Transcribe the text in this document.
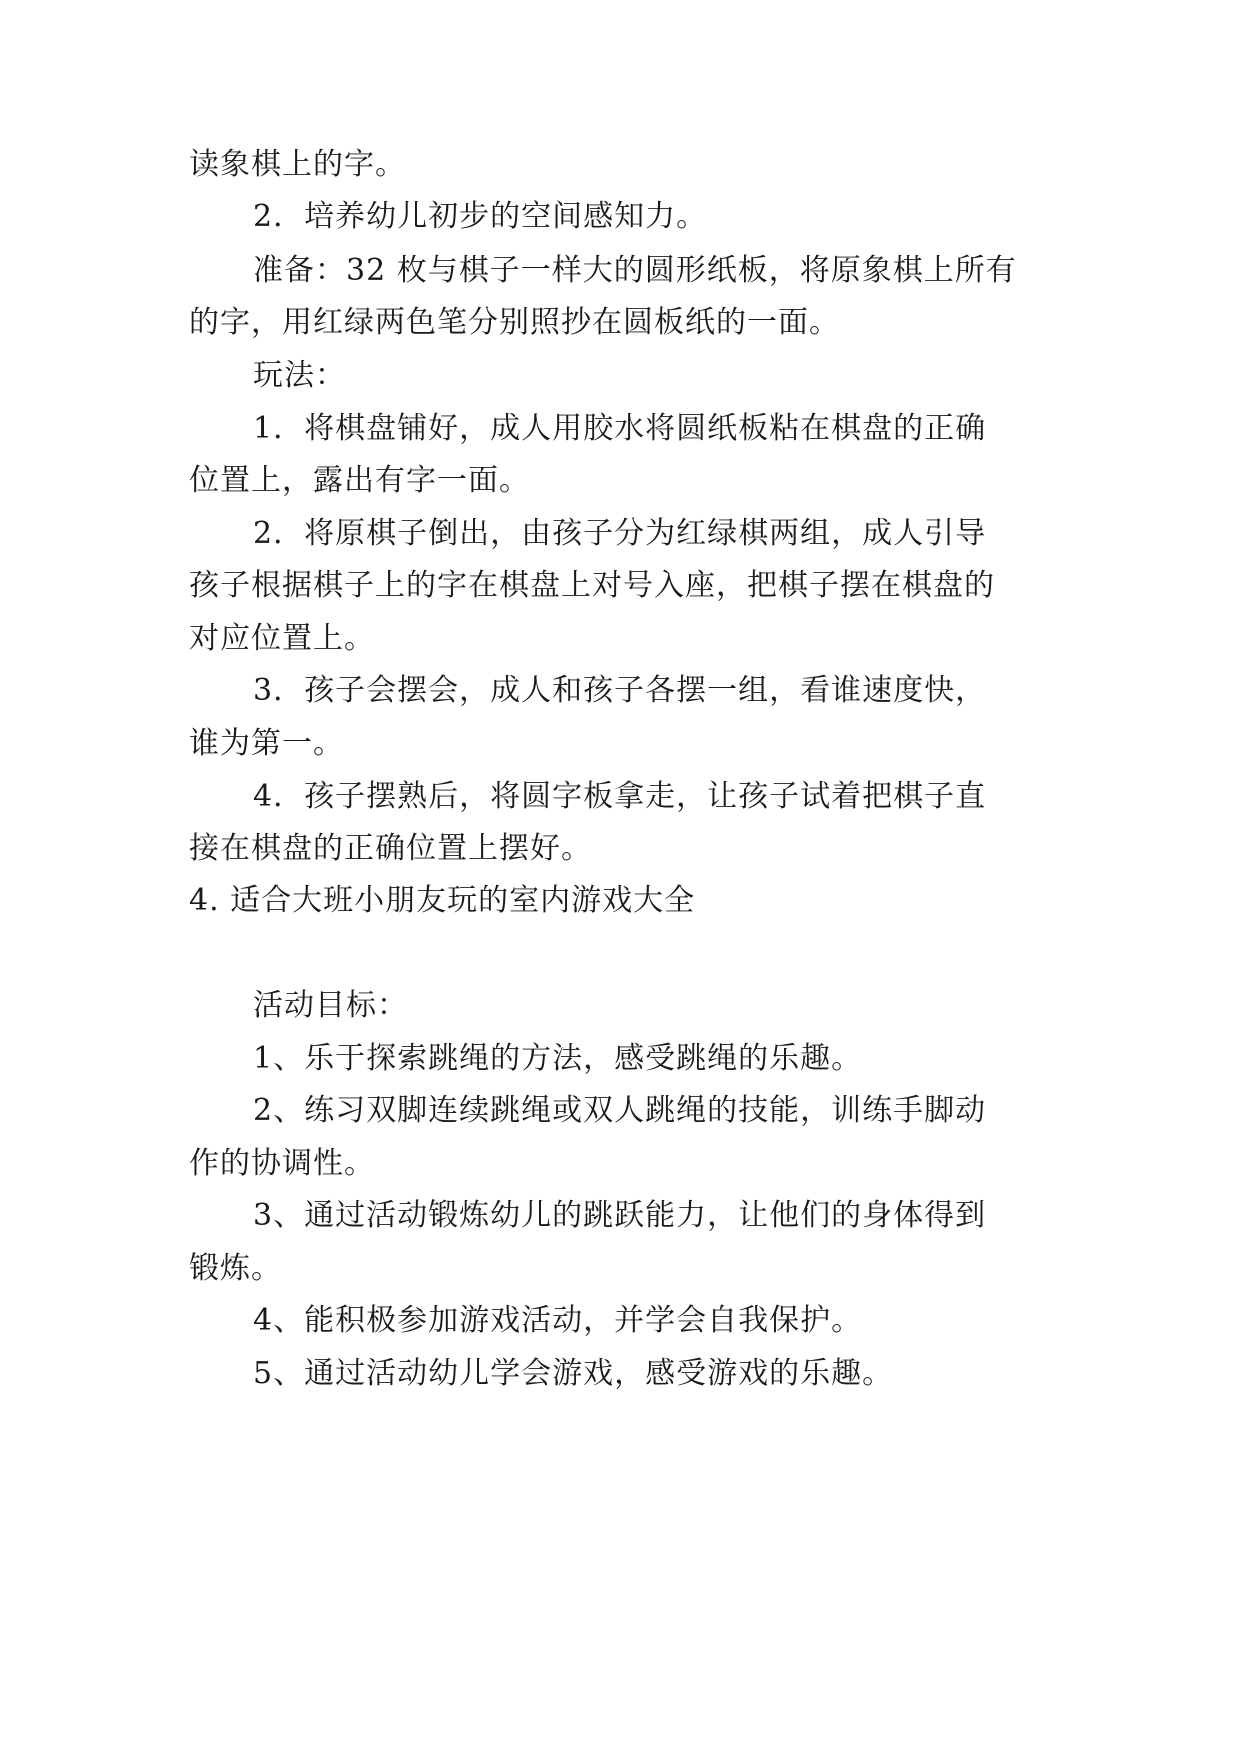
读象棋上的字。
2．培养幼儿初步的空间感知力。
准备：32 枚与棋子一样大的圆形纸板，将原象棋上所有
的字，用红绿两色笔分别照抄在圆板纸的一面。
玩法：
1．将棋盘铺好，成人用胶水将圆纸板粘在棋盘的正确
位置上，露出有字一面。
2．将原棋子倒出，由孩子分为红绿棋两组，成人引导
孩子根据棋子上的字在棋盘上对号入座，把棋子摆在棋盘的
对应位置上。
3．孩子会摆会，成人和孩子各摆一组，看谁速度快，
谁为第一。
4．孩子摆熟后，将圆字板拿走，让孩子试着把棋子直
接在棋盘的正确位置上摆好。
4. 适合大班小朋友玩的室内游戏大全
活动目标：
1、乐于探索跳绳的方法，感受跳绳的乐趣。
2、练习双脚连续跳绳或双人跳绳的技能，训练手脚动
作的协调性。
3、通过活动锻炼幼儿的跳跃能力，让他们的身体得到
锻炼。
4、能积极参加游戏活动，并学会自我保护。
5、通过活动幼儿学会游戏，感受游戏的乐趣。
